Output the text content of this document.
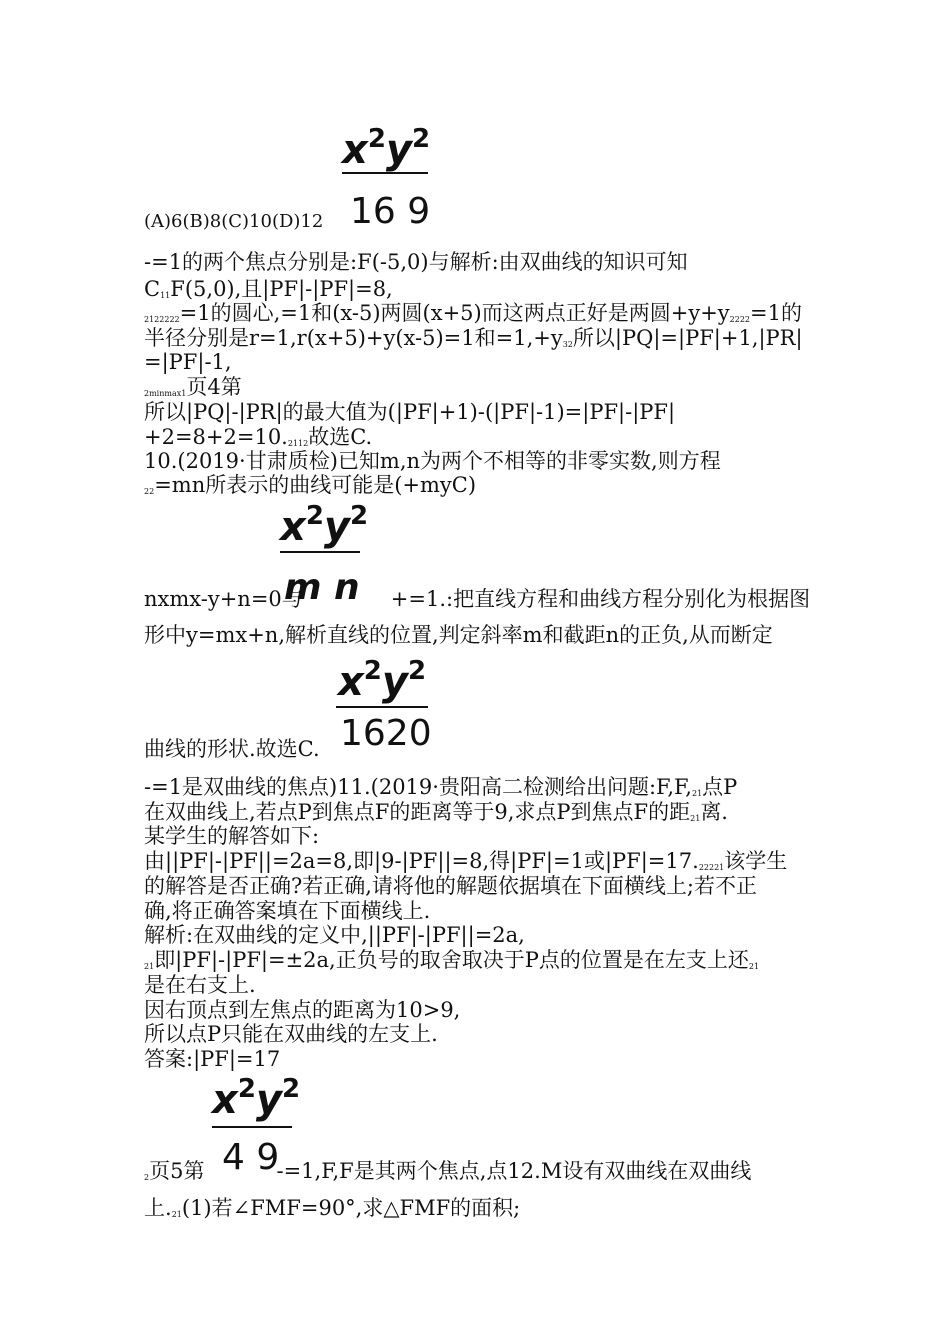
$x^2y^2$
16 9
(A)6(B)8(C)10(D)12
-=1的两个焦点分别是:F(-5,0)与解析:由双曲线的知识可知
$C_{11}F(5,0)$,且|PF|-|PF|=8,
$_{2122222}$=1的圆心,=1和(x-5)两圆(x+5)而这两点正好是两圆$+y+y_{2222}=1$的
半径分别是r=1,r(x+5)+y(x-5)=1和$=1,+y_{32}$所以|PQ|=|PF|+1,|PR|
=|PF|-1,
$_{2minmax1}$页4第
所以|PQ|-|PR|的最大值为(|PF|+1)-(|PF|-1)=|PF|-|PF|
$+2=8+2=10._{2112}$故选C.
10.(2019·甘肃质检)已知m,n为两个不相等的非零实数,则方程
$_{22}$=mn所表示的曲线可能是(+myC)
$x^2y^2$
nxmx-y+n=0与	+=1.:把直线方程和曲线方程分别化为根据图
m n
形中y=mx+n,解析直线的位置,判定斜率m和截距n的正负,从而断定
$x^2y^2$
曲线的形状.故选C. 1620
-=1是双曲线的焦点)11.(2019·贵阳高二检测给出问题$:F,F,_{21}$点P
在双曲线上,若点P到焦点F的距离等于9,求点P到焦点F的距$_{21}$离.
某学生的解答如下:
由||PF|-|PF||=2a=8,即|9-|PF||=8,得|PF|=1或$|PF|=17._{22221}$该学生
的解答是否正确?若正确,请将他的解题依据填在下面横线上;若不正
确,将正确答案填在下面横线上.
解析:在双曲线的定义中,||PF|-|PF||=2a,
$_{21}$即|PF|-|PF|=±2a,正负号的取舍取决于P点的位置是在左支上还$_{21}$
是在右支上.
因右顶点到左焦点的距离为10>9,
所以点P只能在双曲线的左支上.
答案:|PF|=17
$x^2y^2$
$_2$页5第	-=1,F,F是其两个焦点,点12.M设有双曲线在双曲线
4 9
上$._{21}(1)$若∠FMF=90°,求△FMF的面积;
